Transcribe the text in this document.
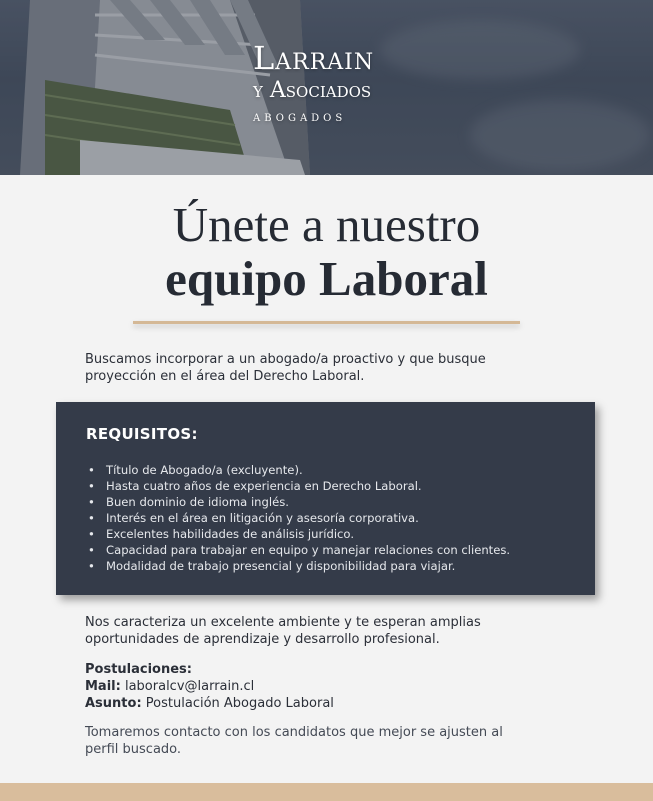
Larrain
y Asociados
ABOGADOS
Únete a nuestro
equipo Laboral
Buscamos incorporar a un abogado/a proactivo y que busque proyección en el área del Derecho Laboral.
REQUISITOS:
• Título de Abogado/a (excluyente).
• Hasta cuatro años de experiencia en Derecho Laboral.
• Buen dominio de idioma inglés.
• Interés en el área en litigación y asesoría corporativa.
• Excelentes habilidades de análisis jurídico.
• Capacidad para trabajar en equipo y manejar relaciones con clientes.
• Modalidad de trabajo presencial y disponibilidad para viajar.
Nos caracteriza un excelente ambiente y te esperan amplias oportunidades de aprendizaje y desarrollo profesional.
Postulaciones:
Mail: laboralcv@larrain.cl
Asunto: Postulación Abogado Laboral
Tomaremos contacto con los candidatos que mejor se ajusten al perfil buscado.
